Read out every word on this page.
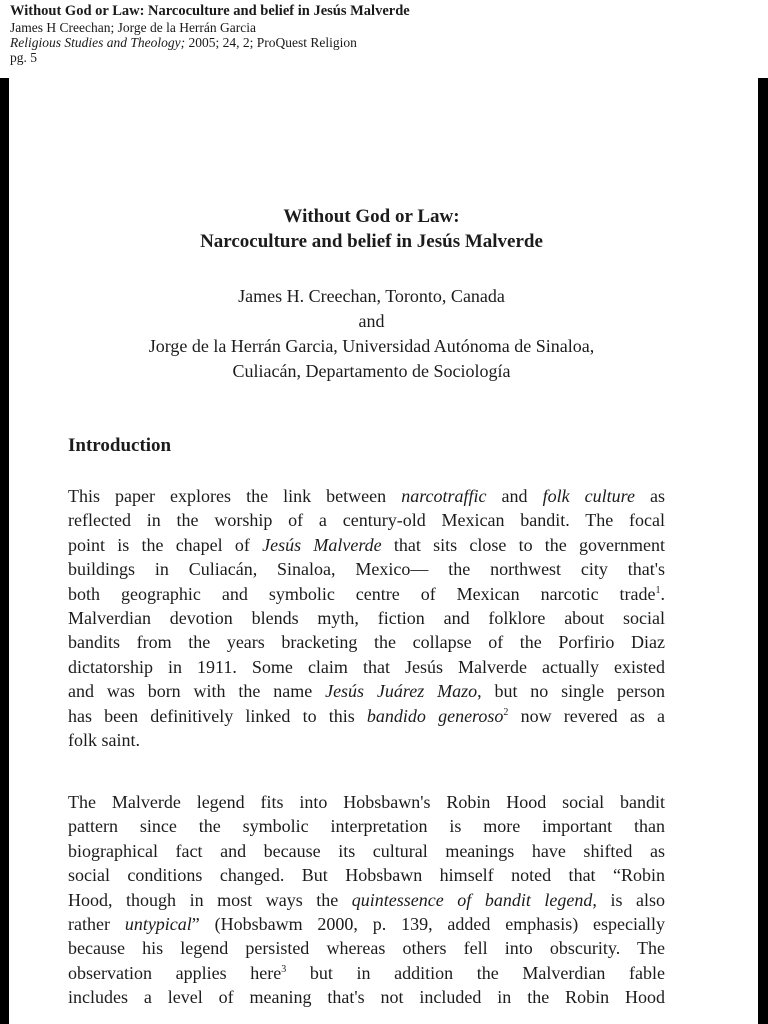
Without God or Law: Narcoculture and belief in Jesús Malverde
James H Creechan; Jorge de la Herrán Garcia
Religious Studies and Theology; 2005; 24, 2; ProQuest Religion
pg. 5
Without God or Law:
Narcoculture and belief in Jesús Malverde
James H. Creechan, Toronto, Canada
and
Jorge de la Herrán Garcia, Universidad Autónoma de Sinaloa,
Culiacán, Departamento de Sociología
Introduction
This paper explores the link between narcotraffic and folk culture as
reflected in the worship of a century-old Mexican bandit. The focal
point is the chapel of Jesús Malverde that sits close to the government
buildings in Culiacán, Sinaloa, Mexico— the northwest city that's
both geographic and symbolic centre of Mexican narcotic trade$^1$.
Malverdian devotion blends myth, fiction and folklore about social
bandits from the years bracketing the collapse of the Porfirio Diaz
dictatorship in 1911. Some claim that Jesús Malverde actually existed
and was born with the name Jesús Juárez Mazo, but no single person
has been definitively linked to this bandido generoso$^2$ now revered as a
folk saint.
The Malverde legend fits into Hobsbawn's Robin Hood social bandit
pattern since the symbolic interpretation is more important than
biographical fact and because its cultural meanings have shifted as
social conditions changed. But Hobsbawn himself noted that “Robin
Hood, though in most ways the quintessence of bandit legend, is also
rather untypical” (Hobsbawm 2000, p. 139, added emphasis) especially
because his legend persisted whereas others fell into obscurity. The
observation applies here$^3$ but in addition the Malverdian fable
includes a level of meaning that's not included in the Robin Hood
